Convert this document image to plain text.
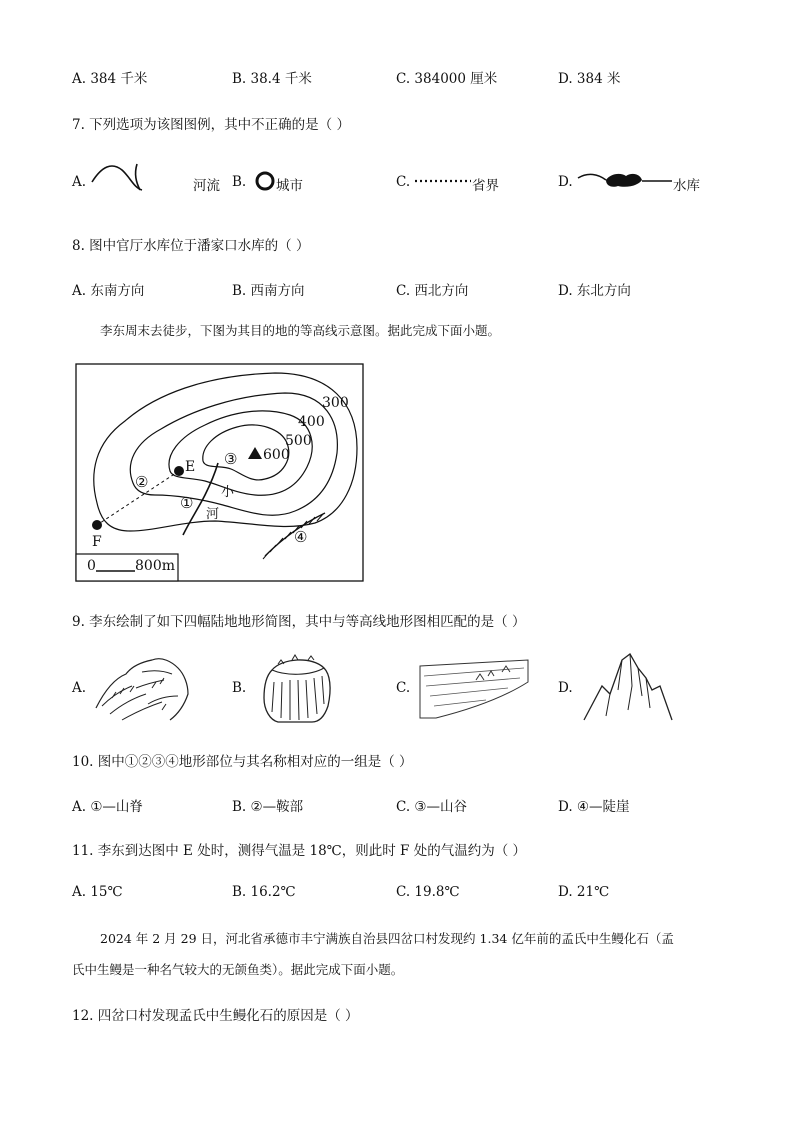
A. 384 千米	B. 38.4 千米	C. 384000 厘米	D. 384 米
7. 下列选项为该图图例，其中不正确的是（ ）
A.	河流 B. 城市	C.	省界	D.	水库
8. 图中官厅水库位于潘家口水库的（ ）
A. 东南方向	B. 西南方向	C. 西北方向	D. 东北方向
李东周末去徒步，下图为其目的地的等高线示意图。据此完成下面小题。
E
F
300
400
500
600
③
②
①
④
小
河
0	800m
9. 李东绘制了如下四幅陆地地形简图，其中与等高线地形图相匹配的是（ ）
A.	B.	C.	D.
10. 图中①②③④地形部位与其名称相对应的一组是（ ）
A. ①—山脊	B. ②—鞍部	C. ③—山谷	D. ④—陡崖
11. 李东到达图中 E 处时，测得气温是 18℃，则此时 F 处的气温约为（ ）
A. 15℃	B. 16.2℃	C. 19.8℃	D. 21℃
2024 年 2 月 29 日，河北省承德市丰宁满族自治县四岔口村发现约 1.34 亿年前的孟氏中生鳗化石（孟
氏中生鳗是一种名气较大的无颌鱼类）。据此完成下面小题。
12. 四岔口村发现孟氏中生鳗化石的原因是（ ）
